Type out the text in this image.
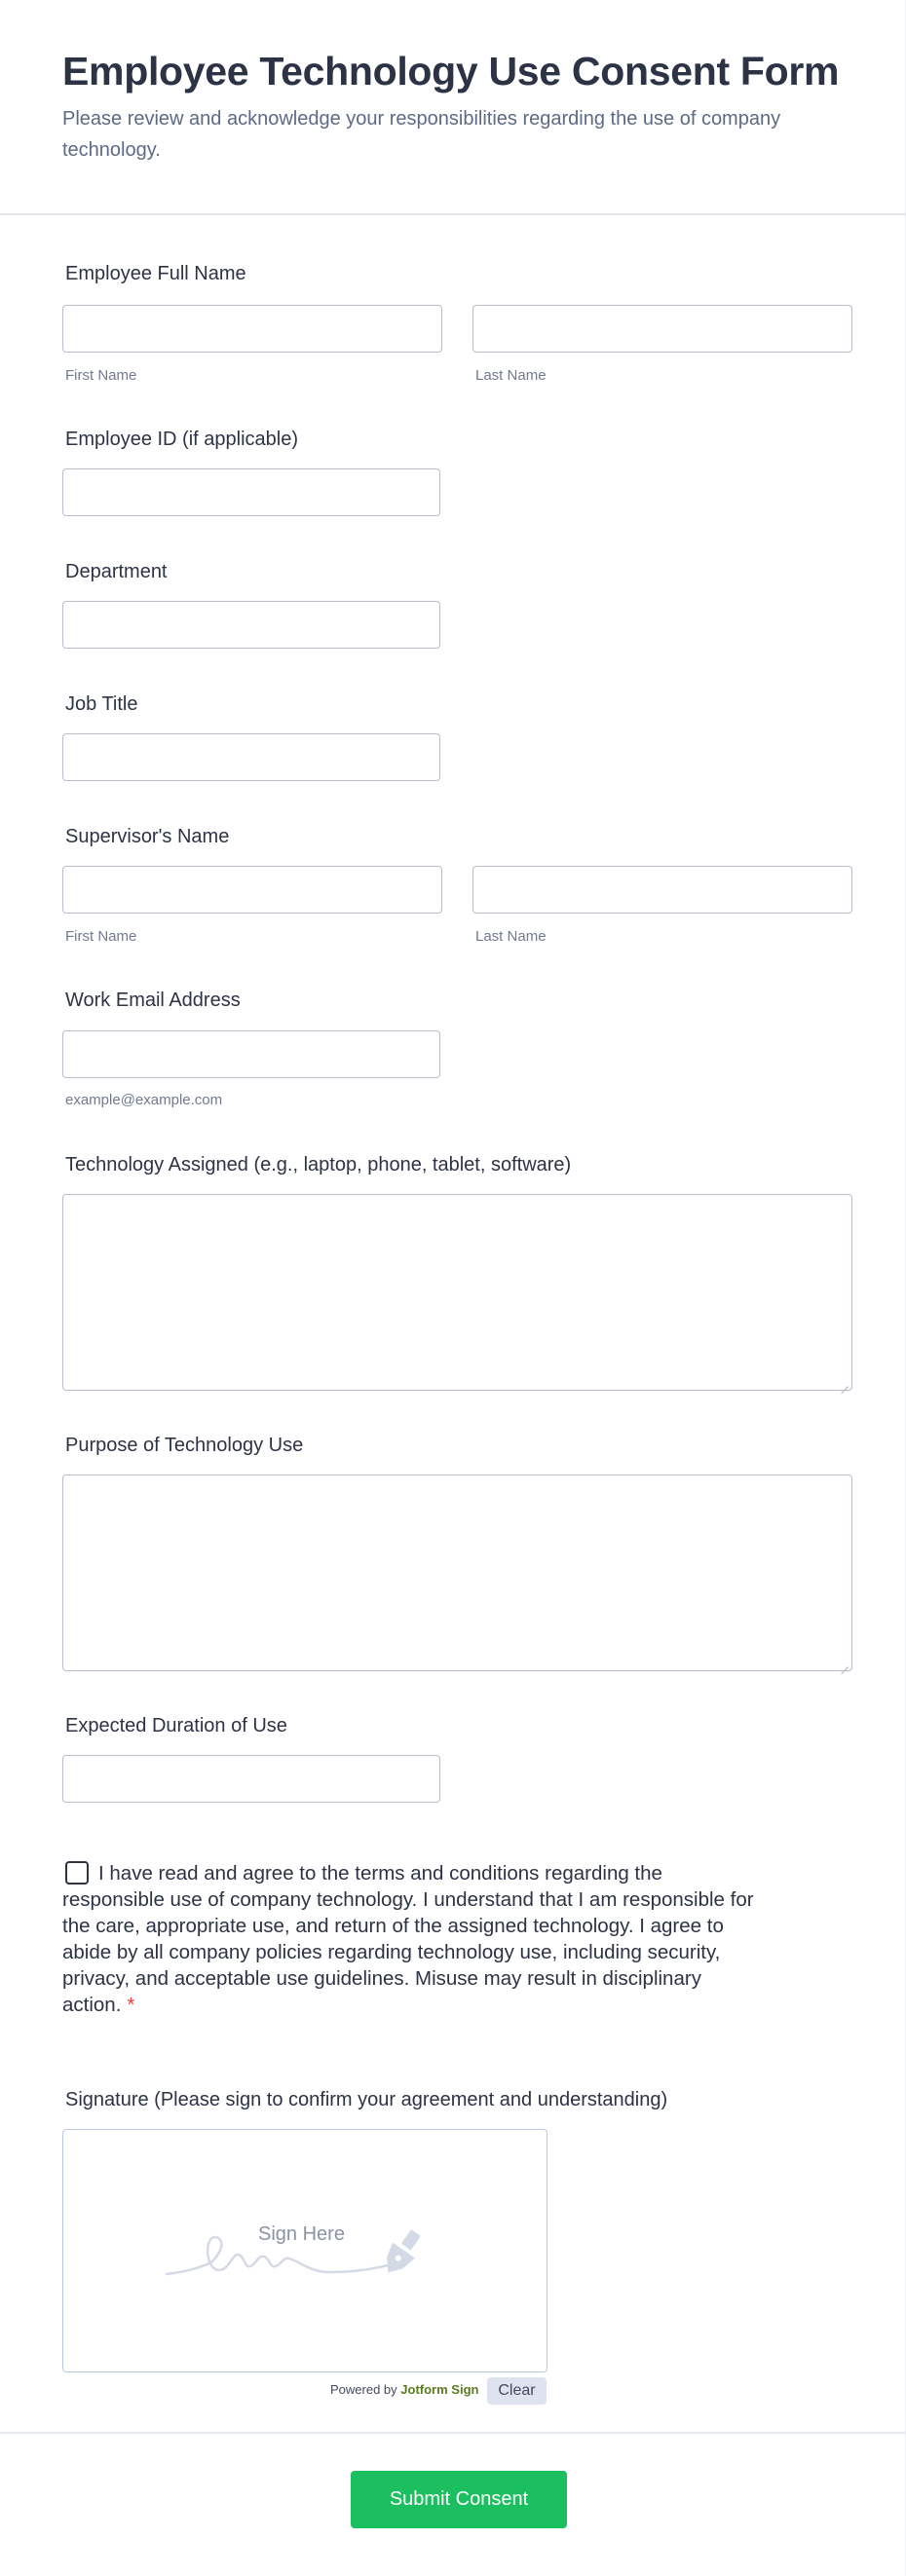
Employee Technology Use Consent Form

Please review and acknowledge your responsibilities regarding the use of company technology.

Employee Full Name
First Name	Last Name
Employee ID (if applicable)
Department
Job Title
Supervisor's Name
First Name	Last Name
Work Email Address
example@example.com
Technology Assigned (e.g., laptop, phone, tablet, software)
Purpose of Technology Use
Expected Duration of Use
I have read and agree to the terms and conditions regarding the responsible use of company technology. I understand that I am responsible for the care, appropriate use, and return of the assigned technology. I agree to abide by all company policies regarding technology use, including security, privacy, and acceptable use guidelines. Misuse may result in disciplinary action. *
Signature (Please sign to confirm your agreement and understanding)
Sign Here
Powered by Jotform Sign	Clear
Submit Consent
